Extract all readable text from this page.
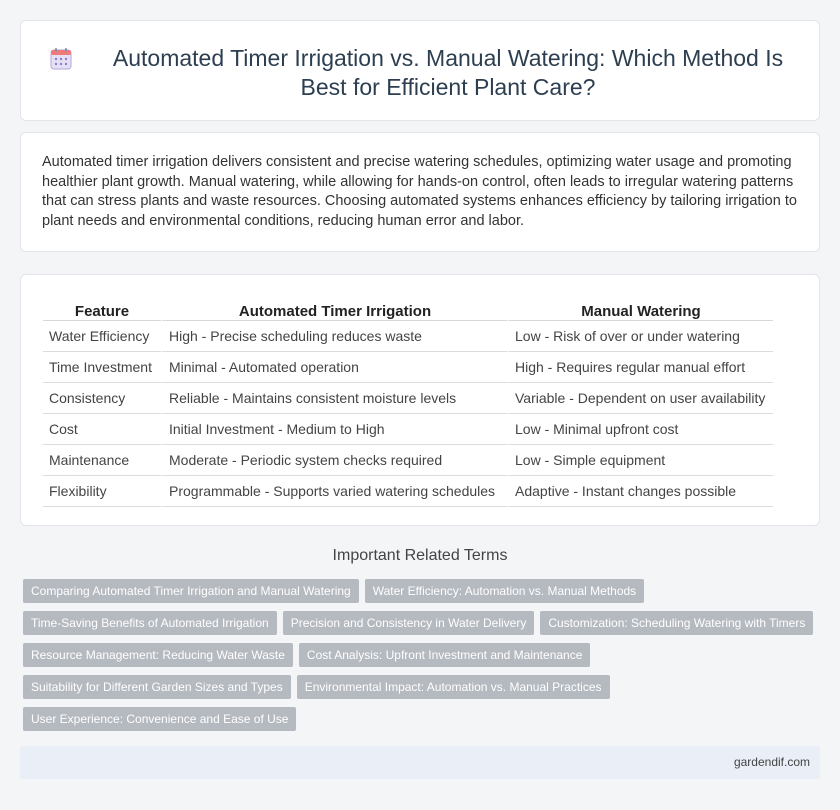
Automated Timer Irrigation vs. Manual Watering: Which Method Is Best for Efficient Plant Care?

Automated timer irrigation delivers consistent and precise watering schedules, optimizing water usage and promoting healthier plant growth. Manual watering, while allowing for hands-on control, often leads to irregular watering patterns that can stress plants and waste resources. Choosing automated systems enhances efficiency by tailoring irrigation to plant needs and environmental conditions, reducing human error and labor.

Feature	Automated Timer Irrigation	Manual Watering
Water Efficiency	High - Precise scheduling reduces waste	Low - Risk of over or under watering
Time Investment	Minimal - Automated operation	High - Requires regular manual effort
Consistency	Reliable - Maintains consistent moisture levels	Variable - Dependent on user availability
Cost	Initial Investment - Medium to High	Low - Minimal upfront cost
Maintenance	Moderate - Periodic system checks required	Low - Simple equipment
Flexibility	Programmable - Supports varied watering schedules	Adaptive - Instant changes possible
Important Related Terms
Comparing Automated Timer Irrigation and Manual Watering	Water Efficiency: Automation vs. Manual Methods
Time-Saving Benefits of Automated Irrigation	Precision and Consistency in Water Delivery	Customization: Scheduling Watering with Timers
Resource Management: Reducing Water Waste	Cost Analysis: Upfront Investment and Maintenance
Suitability for Different Garden Sizes and Types	Environmental Impact: Automation vs. Manual Practices
User Experience: Convenience and Ease of Use
gardendif.com
